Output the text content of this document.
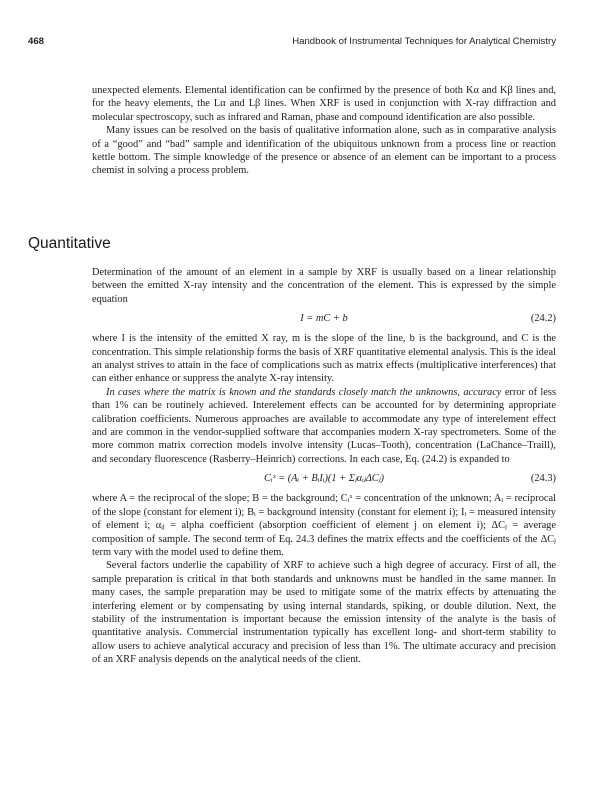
468	Handbook of Instrumental Techniques for Analytical Chemistry

unexpected elements. Elemental identification can be confirmed by the presence of both Kα and Kβ lines and, for the heavy elements, the Lα and Lβ lines. When XRF is used in conjunction with X-ray diffraction and molecular spectroscopy, such as infrared and Raman, phase and compound identification are also possible.

Many issues can be resolved on the basis of qualitative information alone, such as in comparative analysis of a “good” and “bad” sample and identification of the ubiquitous unknown from a process line or reaction kettle bottom. The simple knowledge of the presence or absence of an element can be important to a process chemist in solving a process problem.

Quantitative

Determination of the amount of an element in a sample by XRF is usually based on a linear relationship between the emitted X-ray intensity and the concentration of the element. This is expressed by the simple equation

I = mC + b	(24.2)

where I is the intensity of the emitted X ray, m is the slope of the line, b is the background, and C is the concentration. This simple relationship forms the basis of XRF quantitative elemental analysis. This is the ideal an analyst strives to attain in the face of complications such as matrix effects (multiplicative interferences) that can either enhance or suppress the analyte X-ray intensity.

In cases where the matrix is known and the standards closely match the unknowns, accuracy error of less than 1% can be routinely achieved. Interelement effects can be accounted for by determining appropriate calibration coefficients. Numerous approaches are available to accommodate any type of interelement effect and are common in the vendor-supplied software that accompanies modern X-ray spectrometers. Some of the more common matrix correction models involve intensity (Lucas–Tooth), concentration (LaChance–Traill), and secondary fluorescence (Rasberry–Heinrich) corrections. In each case, Eq. (24.2) is expanded to

Cᵢˣ = (Aᵢ + BᵢIᵢ)(1 + ΣⱼαᵢⱼΔCⱼ)	(24.3)

where A = the reciprocal of the slope; B = the background; Cᵢˣ = concentration of the unknown; Aᵢ = reciprocal of the slope (constant for element i); Bᵢ = background intensity (constant for element i); Iᵢ = measured intensity of element i; αᵢⱼ = alpha coefficient (absorption coefficient of element j on element i); ΔCⱼ = average composition of sample. The second term of Eq. 24.3 defines the matrix effects and the coefficients of the ΔCⱼ term vary with the model used to define them.

Several factors underlie the capability of XRF to achieve such a high degree of accuracy. First of all, the sample preparation is critical in that both standards and unknowns must be handled in the same manner. In many cases, the sample preparation may be used to mitigate some of the matrix effects by attenuating the interfering element or by compensating by using internal standards, spiking, or double dilution. Next, the stability of the instrumentation is important because the emission intensity of the analyte is the basis of quantitative analysis. Commercial instrumentation typically has excellent long- and short-term stability to allow users to achieve analytical accuracy and precision of less than 1%. The ultimate accuracy and precision of an XRF analysis depends on the analytical needs of the client.
